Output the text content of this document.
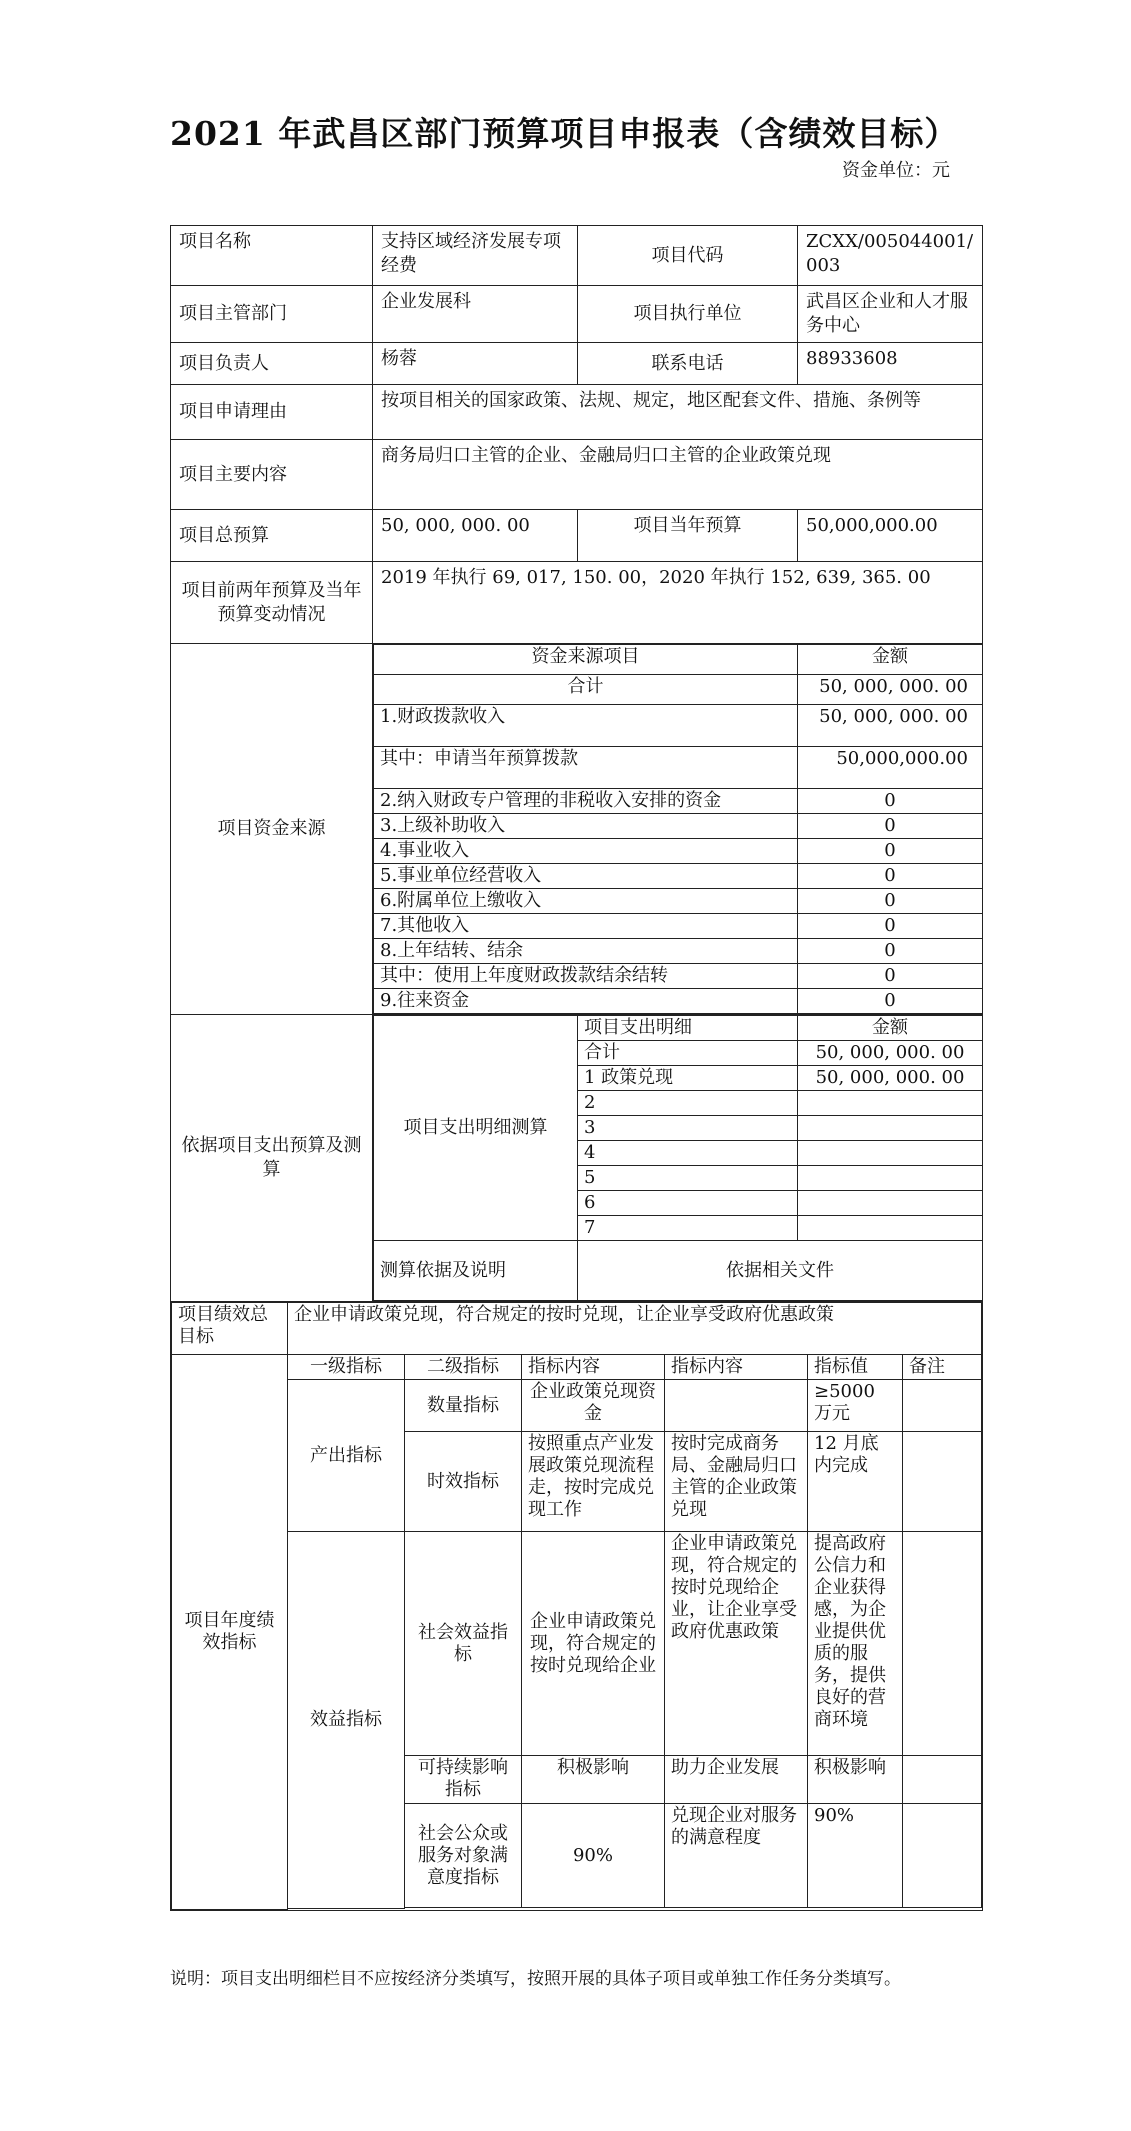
2021 年武昌区部门预算项目申报表（含绩效目标）
资金单位：元
项目名称	支持区域经济发展专项经费	项目代码	ZCXX/005044001/003
项目主管部门	企业发展科	项目执行单位	武昌区企业和人才服务中心
项目负责人	杨蓉	联系电话	88933608
项目申请理由	按项目相关的国家政策、法规、规定，地区配套文件、措施、条例等
项目主要内容	商务局归口主管的企业、金融局归口主管的企业政策兑现
项目总预算	50, 000, 000. 00	项目当年预算	50,000,000.00
项目前两年预算及当年预算变动情况	2019 年执行 69, 017, 150. 00，2020 年执行 152, 639, 365. 00
项目资金来源	
资金来源项目	金额
合计	50, 000, 000. 00
1.财政拨款收入	50, 000, 000. 00
其中：申请当年预算拨款	50,000,000.00
2.纳入财政专户管理的非税收入安排的资金	0
3.上级补助收入	0
4.事业收入	0
5.事业单位经营收入	0
6.附属单位上缴收入	0
7.其他收入	0
8.上年结转、结余	0
其中：使用上年度财政拨款结余结转	0
9.往来资金	0

依据项目支出预算及测算	
项目支出明细测算	项目支出明细	金额
合计	50, 000, 000. 00
1 政策兑现	50, 000, 000. 00
2	
3	
4	
5	
6	
7	
测算依据及说明	依据相关文件

项目绩效总目标	企业申请政策兑现，符合规定的按时兑现，让企业享受政府优惠政策
项目年度绩效指标	一级指标	二级指标	指标内容	指标内容	指标值	备注
产出指标	数量指标	企业政策兑现资金		≥5000 万元	
时效指标	按照重点产业发展政策兑现流程走，按时完成兑现工作	按时完成商务局、金融局归口主管的企业政策兑现	12 月底内完成	
效益指标	社会效益指标	企业申请政策兑现，符合规定的按时兑现给企业	企业申请政策兑现，符合规定的按时兑现给企业，让企业享受政府优惠政策	提高政府公信力和企业获得感，为企业提供优质的服务，提供良好的营商环境	
可持续影响指标	积极影响	助力企业发展	积极影响	
社会公众或服务对象满意度指标	90%	兑现企业对服务的满意程度	90%	

说明：项目支出明细栏目不应按经济分类填写，按照开展的具体子项目或单独工作任务分类填写。
